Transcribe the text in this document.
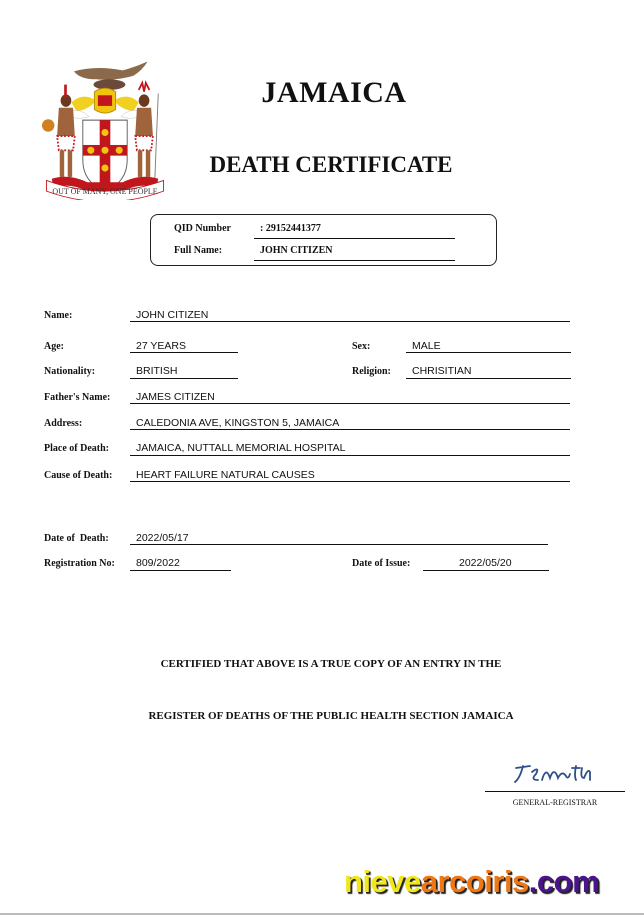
OUT OF MANY, ONE PEOPLE
JAMAICA
DEATH CERTIFICATE
QID Number	: 29152441377
Full Name:	JOHN CITIZEN
Name:	JOHN CITIZEN
Age:	27 YEARS	Sex:	MALE
Nationality:	BRITISH	Religion: CHRISITIAN
Father's Name: JAMES CITIZEN
Address:	CALEDONIA AVE, KINGSTON 5, JAMAICA
Place of Death:	JAMAICA, NUTTALL MEMORIAL HOSPITAL
Cause of Death: HEART FAILURE NATURAL CAUSES
Date of  Death:	2022/05/17
Registration No: 809/2022	Date of Issue:	2022/05/20
CERTIFIED THAT ABOVE IS A TRUE COPY OF AN ENTRY IN THE
REGISTER OF DEATHS OF THE PUBLIC HEALTH SECTION JAMAICA
GENERAL-REGISTRAR
nievearcoiris.com
